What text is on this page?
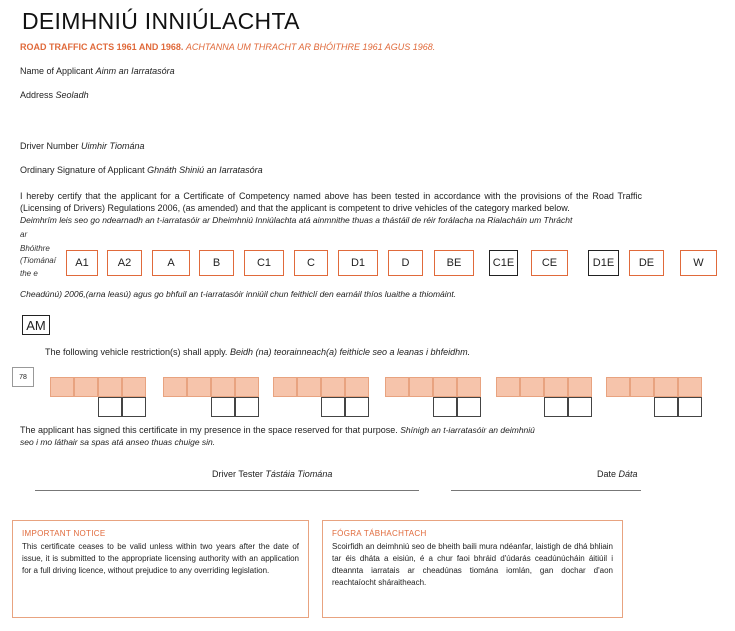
DEIMHNIÚ INNIÚLACHTA
ROAD TRAFFIC ACTS 1961 AND 1968. ACHTANNA UM THRACHT AR BHÓITHRE 1961 AGUS 1968.
Name of Applicant Ainm an Iarratasóra
Address Seoladh
Driver Number Uimhir Tiomána
Ordinary Signature of Applicant Ghnáth Shiniú an Iarratasóra
I hereby certify that the applicant for a Certificate of Competency named above has been tested in accordance with the provisions of the Road Traffic (Licensing of Drivers) Regulations 2006, (as amended) and that the applicant is competent to drive vehicles of the category marked below.
Deimhrím leis seo go ndearnadh an t-iarratasóir ar Dheimhniú Inniúlachta atá ainmnithe thuas a thástáil de réir forálacha na Rialacháin um Thrácht
ar
Bhóithre
(Tiománaí
the e
A1	A2	A	B	C1	C	D1	D	BE	C1E	CE	D1E	DE	W
Cheadúnú) 2006,(arna leasú) agus go bhfuil an t-iarratasóir inniúil chun feithiclí den earnáil thíos luaithe a thiomáint.
AM
The following vehicle restriction(s) shall apply. Beidh (na) teorainneach(a) feithicle seo a leanas i bhfeidhm.
78
The applicant has signed this certificate in my presence in the space reserved for that purpose. Shínigh an t-iarratasóir an deimhniú seo i mo láthair sa spas atá anseo thuas chuige sin.
Driver Tester Tástáia Tiomána	Date Dáta
IMPORTANT NOTICE
This certificate ceases to be valid unless within two years after the date of issue, it is submitted to the appropriate licensing authority with an application for a full driving licence, without prejudice to any overriding legislation.
FÓGRA TÁBHACHTACH
Scoirfidh an deimhniú seo de bheith baili mura ndéanfar, laistigh de dhá bhliain tar éis dháta a eisiún, é a chur faoi bhráid d'údarás ceadúnúcháin áitiúil i dteannta iarratais ar cheadúnas tiomána iomlán, gan dochar d'aon reachtaíocht sháraitheach.
